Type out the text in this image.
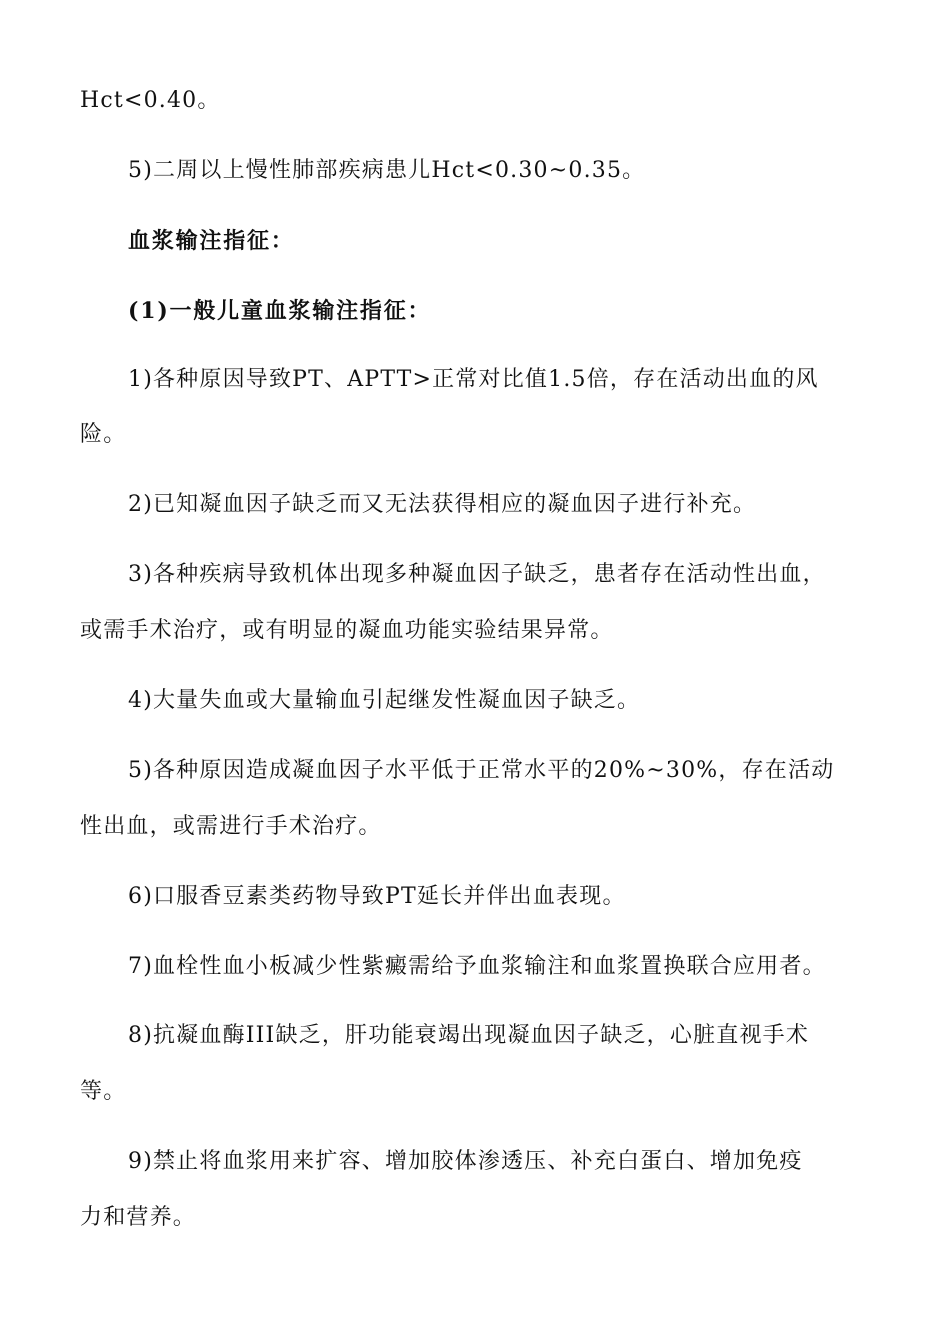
Hct<0.40。
5)二周以上慢性肺部疾病患儿Hct<0.30~0.35。
血浆输注指征：
(1)一般儿童血浆输注指征：
1)各种原因导致PT、APTT>正常对比值1.5倍，存在活动出血的风
险。
2)已知凝血因子缺乏而又无法获得相应的凝血因子进行补充。
3)各种疾病导致机体出现多种凝血因子缺乏，患者存在活动性出血，
或需手术治疗，或有明显的凝血功能实验结果异常。
4)大量失血或大量输血引起继发性凝血因子缺乏。
5)各种原因造成凝血因子水平低于正常水平的20%~30%，存在活动
性出血，或需进行手术治疗。
6)口服香豆素类药物导致PT延长并伴出血表现。
7)血栓性血小板减少性紫癜需给予血浆输注和血浆置换联合应用者。
8)抗凝血酶III缺乏，肝功能衰竭出现凝血因子缺乏，心脏直视手术
等。
9)禁止将血浆用来扩容、增加胶体渗透压、补充白蛋白、增加免疫
力和营养。
